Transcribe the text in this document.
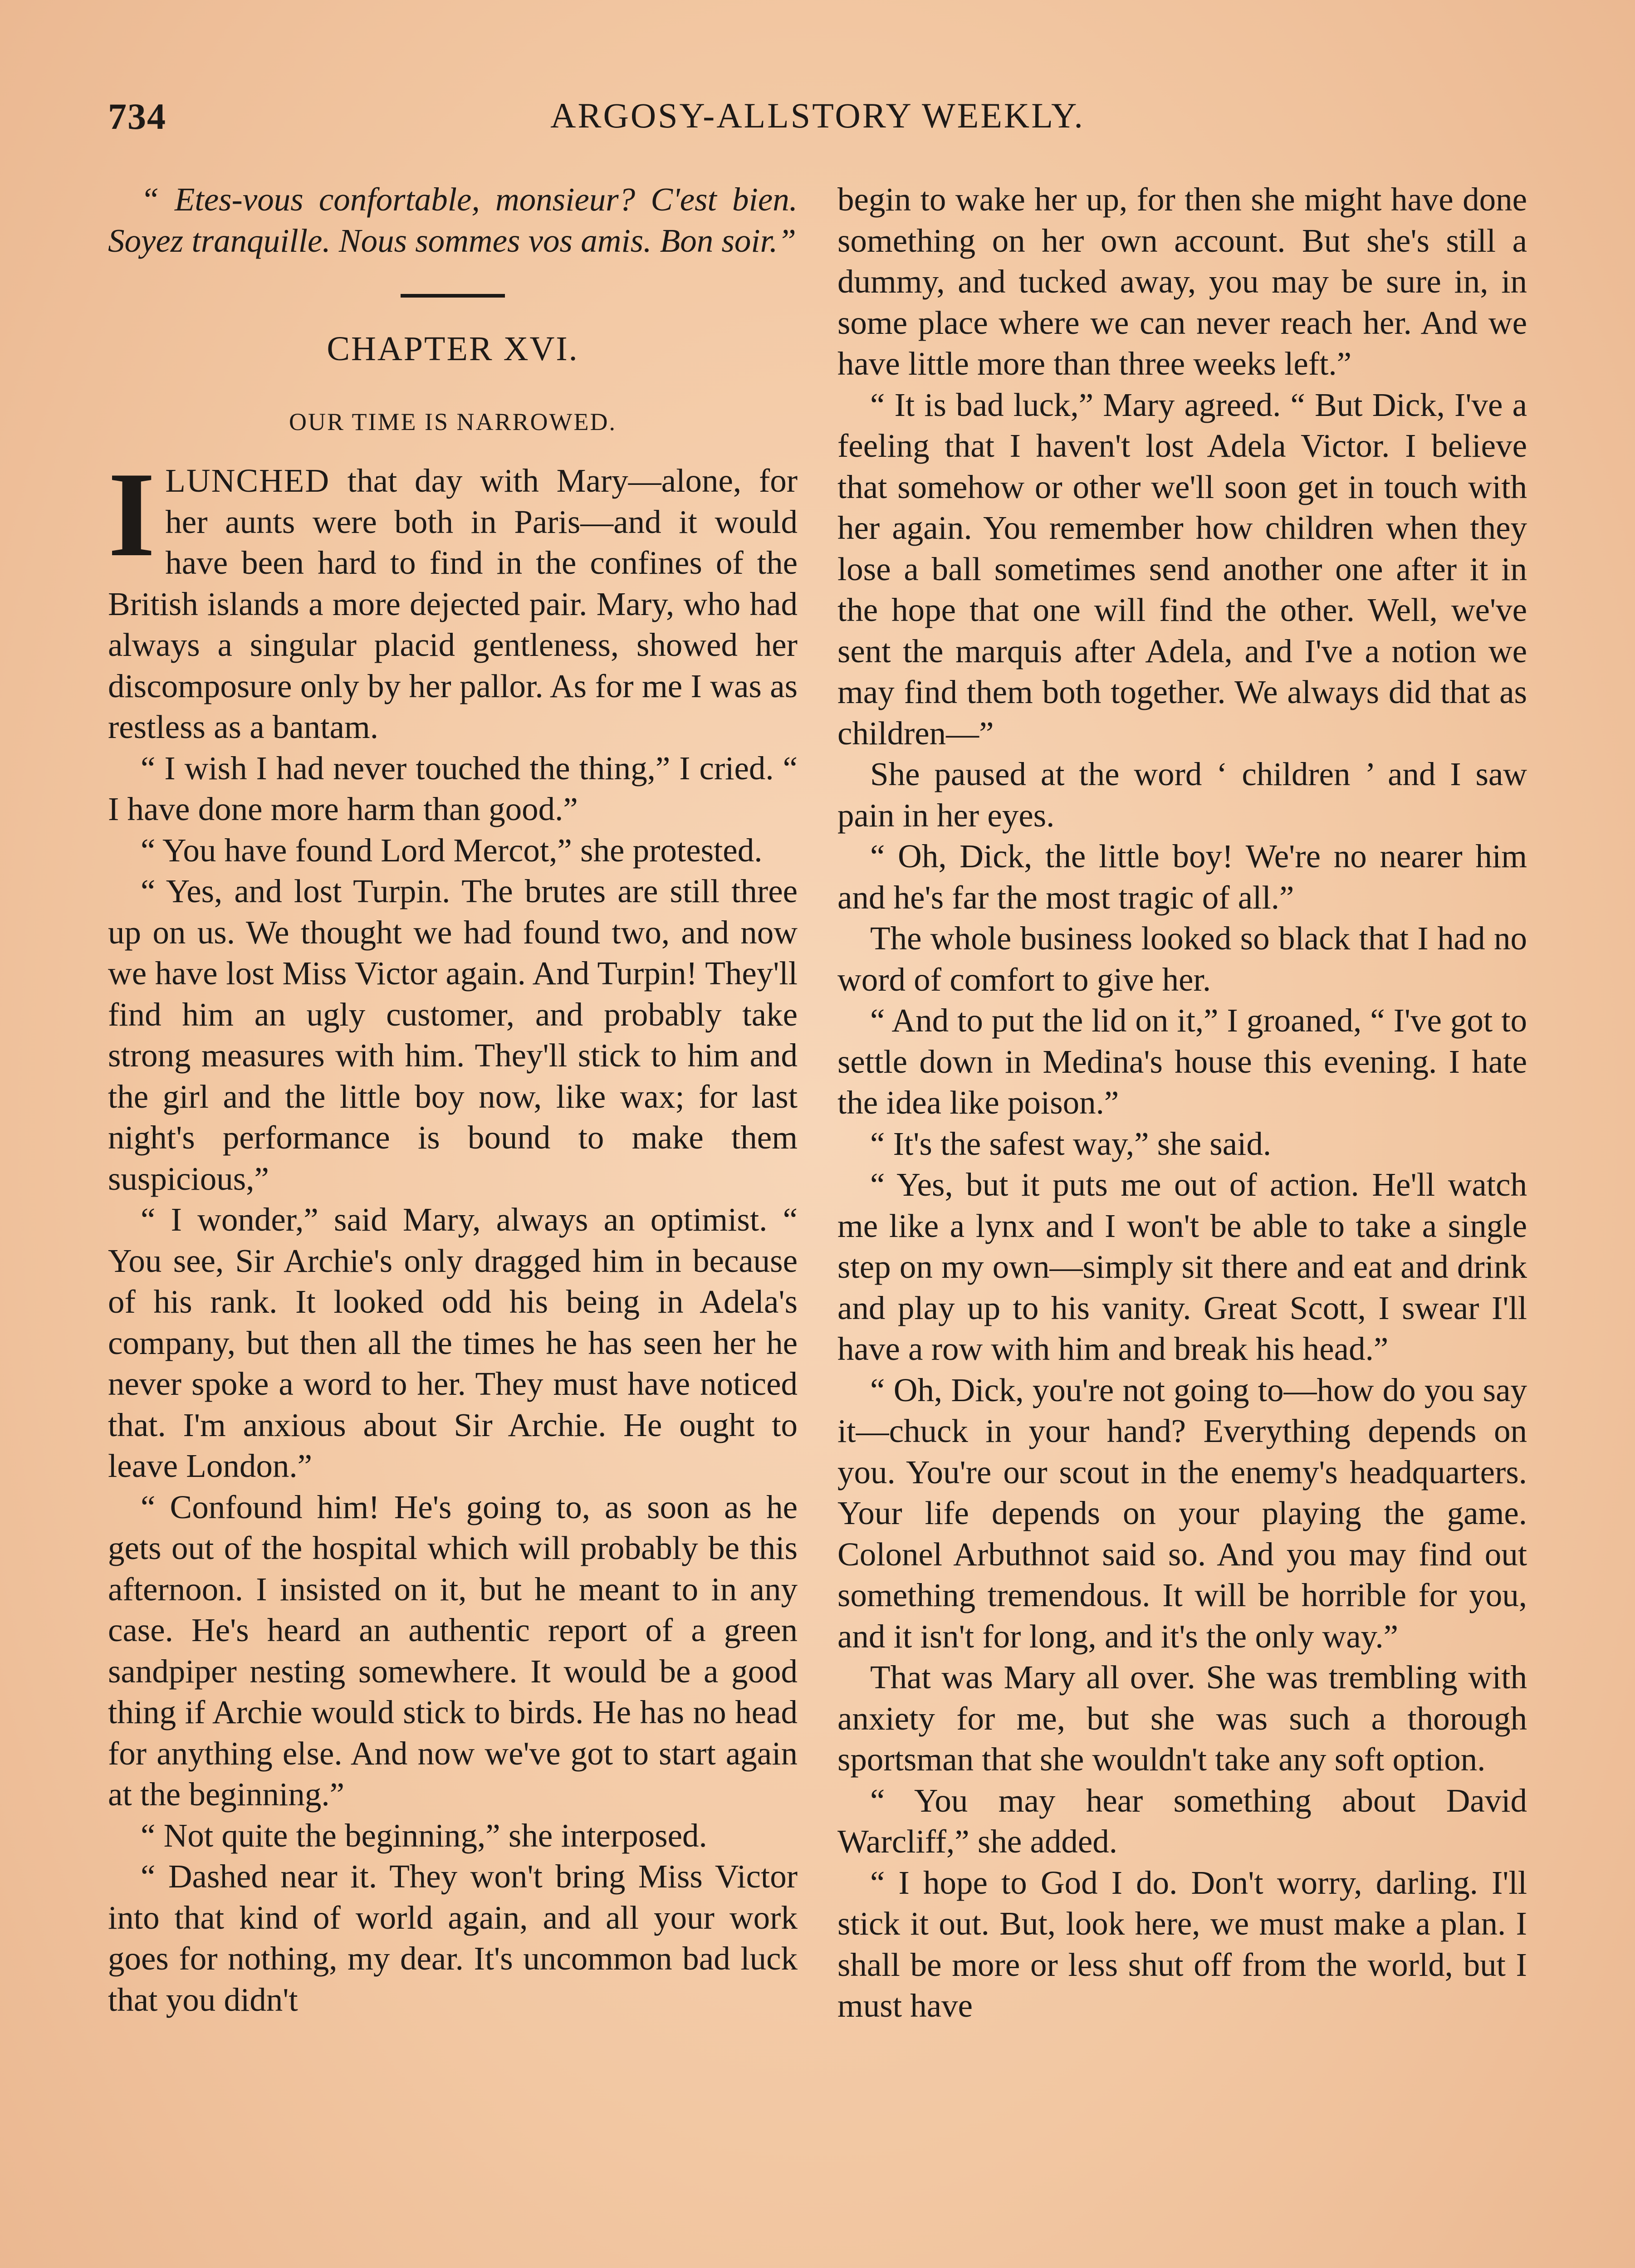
734	ARGOSY-ALLSTORY WEEKLY.

“ Etes-vous confortable, monsieur? C'est bien. Soyez tranquille. Nous sommes vos amis. Bon soir.”

CHAPTER XVI.
OUR TIME IS NARROWED.

ILUNCHED that day with Mary—alone, for her aunts were both in Paris—and it would have been hard to find in the confines of the British islands a more dejected pair. Mary, who had always a singular placid gentleness, showed her discomposure only by her pallor. As for me I was as restless as a bantam.

“ I wish I had never touched the thing,” I cried. “ I have done more harm than good.”

“ You have found Lord Mercot,” she protested.

“ Yes, and lost Turpin. The brutes are still three up on us. We thought we had found two, and now we have lost Miss Victor again. And Turpin! They'll find him an ugly customer, and probably take strong measures with him. They'll stick to him and the girl and the little boy now, like wax; for last night's performance is bound to make them suspicious,”

“ I wonder,” said Mary, always an optimist. “ You see, Sir Archie's only dragged him in because of his rank. It looked odd his being in Adela's company, but then all the times he has seen her he never spoke a word to her. They must have noticed that. I'm anxious about Sir Archie. He ought to leave London.”

“ Confound him! He's going to, as soon as he gets out of the hospital which will probably be this afternoon. I insisted on it, but he meant to in any case. He's heard an authentic report of a green sandpiper nesting somewhere. It would be a good thing if Archie would stick to birds. He has no head for anything else. And now we've got to start again at the beginning.”

“ Not quite the beginning,” she interposed.

“ Dashed near it. They won't bring Miss Victor into that kind of world again, and all your work goes for nothing, my dear. It's uncommon bad luck that you didn't

begin to wake her up, for then she might have done something on her own account. But she's still a dummy, and tucked away, you may be sure in, in some place where we can never reach her. And we have little more than three weeks left.”

“ It is bad luck,” Mary agreed. “ But Dick, I've a feeling that I haven't lost Adela Victor. I believe that somehow or other we'll soon get in touch with her again. You remember how children when they lose a ball sometimes send another one after it in the hope that one will find the other. Well, we've sent the marquis after Adela, and I've a notion we may find them both together. We always did that as children—”

She paused at the word ‘ children ’ and I saw pain in her eyes.

“ Oh, Dick, the little boy! We're no nearer him and he's far the most tragic of all.”

The whole business looked so black that I had no word of comfort to give her.

“ And to put the lid on it,” I groaned, “ I've got to settle down in Medina's house this evening. I hate the idea like poison.”

“ It's the safest way,” she said.

“ Yes, but it puts me out of action. He'll watch me like a lynx and I won't be able to take a single step on my own—simply sit there and eat and drink and play up to his vanity. Great Scott, I swear I'll have a row with him and break his head.”

“ Oh, Dick, you're not going to—how do you say it—chuck in your hand? Everything depends on you. You're our scout in the enemy's headquarters. Your life depends on your playing the game. Colonel Arbuthnot said so. And you may find out something tremendous. It will be horrible for you, and it isn't for long, and it's the only way.”

That was Mary all over. She was trembling with anxiety for me, but she was such a thorough sportsman that she wouldn't take any soft option.

“ You may hear something about David Warcliff,” she added.

“ I hope to God I do. Don't worry, darling. I'll stick it out. But, look here, we must make a plan. I shall be more or less shut off from the world, but I must have
